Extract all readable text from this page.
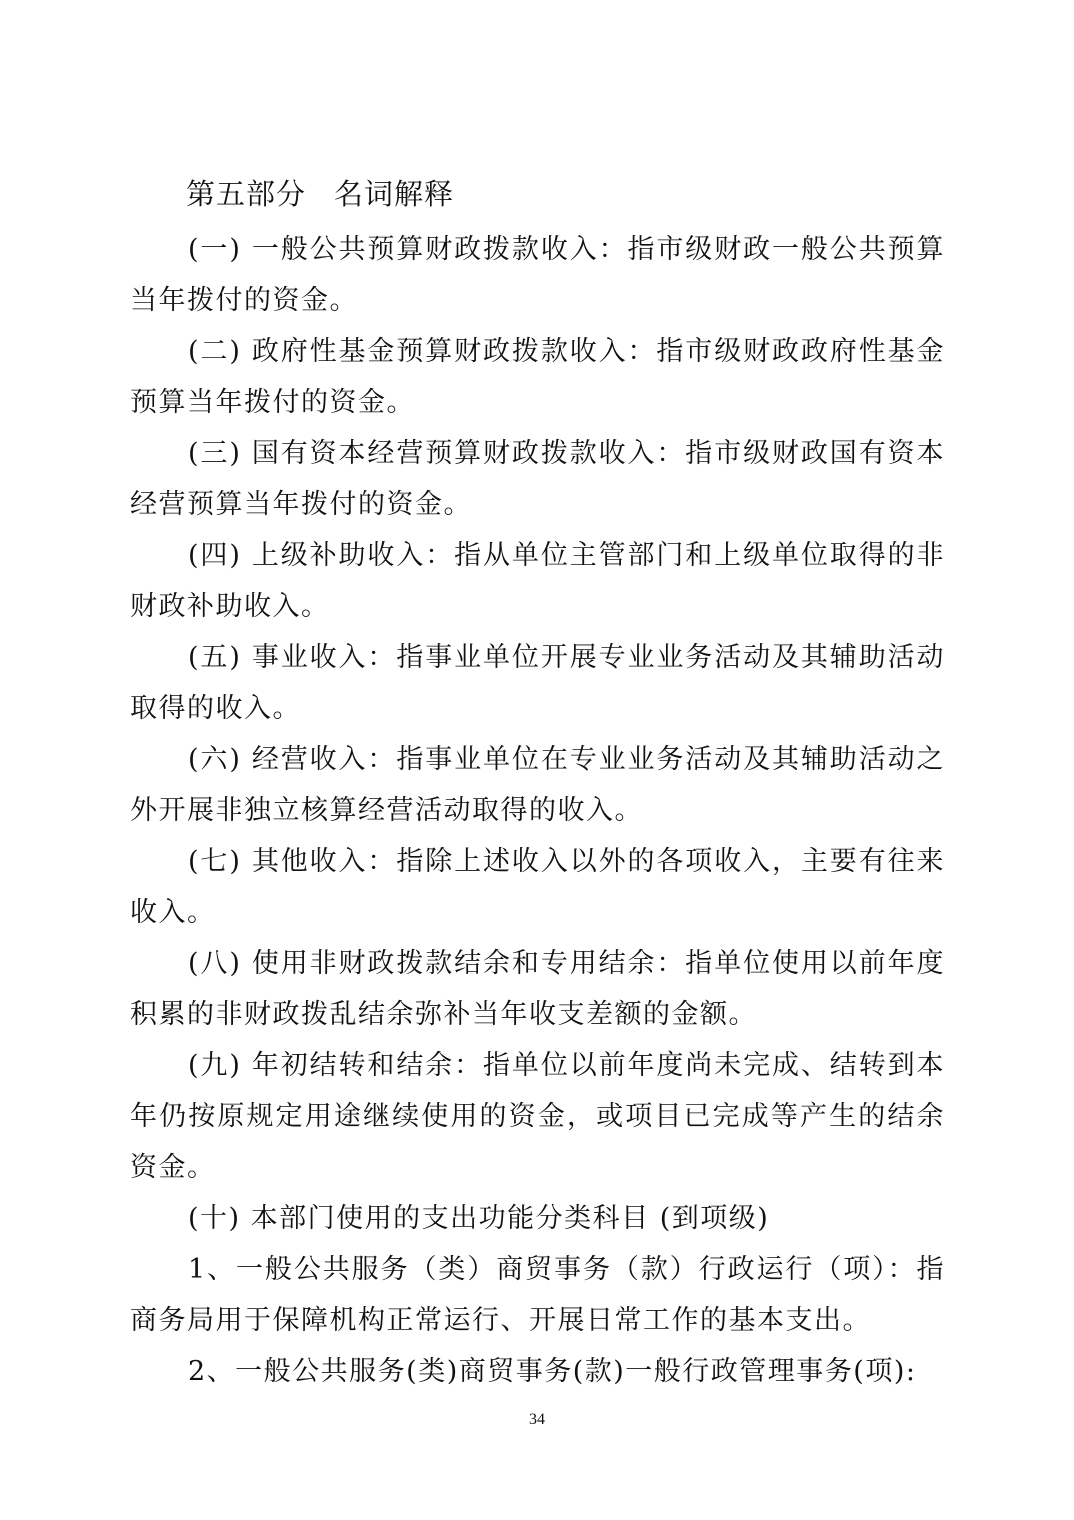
第五部分 名词解释

(一) 一般公共预算财政拨款收入：指市级财政一般公共预算当年拨付的资金。

(二) 政府性基金预算财政拨款收入：指市级财政政府性基金预算当年拨付的资金。

(三) 国有资本经营预算财政拨款收入：指市级财政国有资本经营预算当年拨付的资金。

(四) 上级补助收入：指从单位主管部门和上级单位取得的非财政补助收入。

(五) 事业收入：指事业单位开展专业业务活动及其辅助活动取得的收入。

(六) 经营收入：指事业单位在专业业务活动及其辅助活动之外开展非独立核算经营活动取得的收入。

(七) 其他收入：指除上述收入以外的各项收入，主要有往来收入。

(八) 使用非财政拨款结余和专用结余：指单位使用以前年度积累的非财政拨乱结余弥补当年收支差额的金额。

(九) 年初结转和结余：指单位以前年度尚未完成、结转到本年仍按原规定用途继续使用的资金，或项目已完成等产生的结余资金。

(十) 本部门使用的支出功能分类科目 (到项级)

1、一般公共服务（类）商贸事务（款）行政运行（项）：指商务局用于保障机构正常运行、开展日常工作的基本支出。

2、一般公共服务(类)商贸事务(款)一般行政管理事务(项):

34
